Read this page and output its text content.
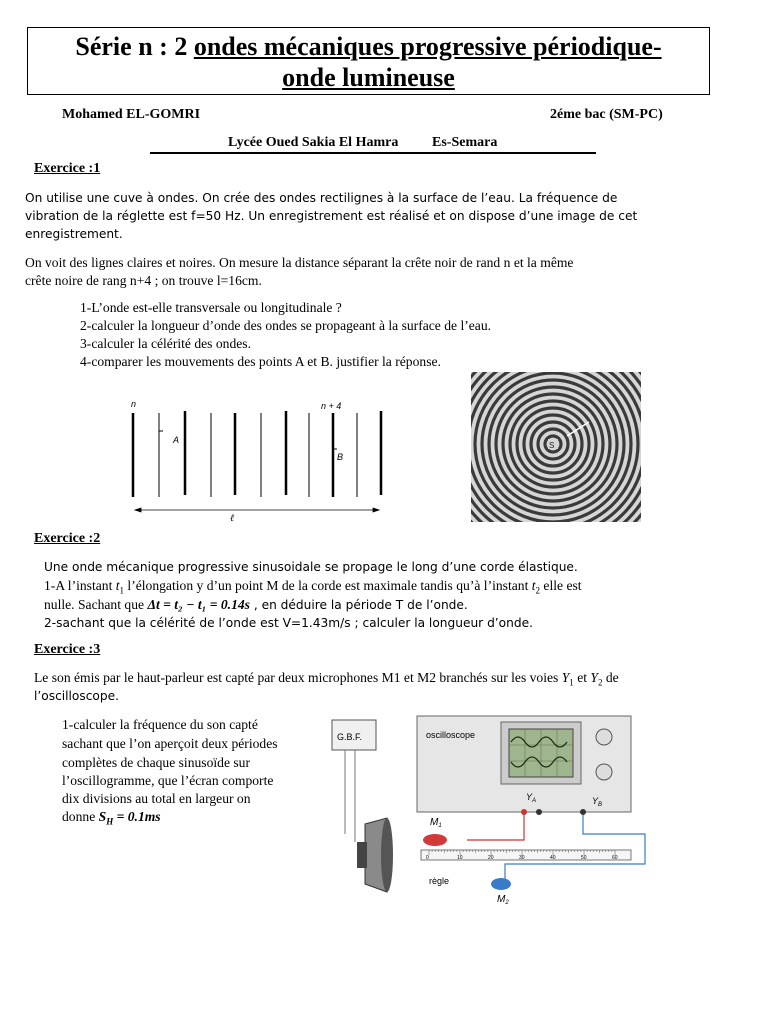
Série n : 2 ondes mécaniques progressive périodique-
onde lumineuse
Mohamed EL-GOMRI	2éme bac (SM-PC)
Lycée Oued Sakia El Hamra Es-Semara
Exercice :1
On utilise une cuve à ondes. On crée des ondes rectilignes à la surface de l’eau. La fréquence de
vibration de la réglette est f=50 Hz. Un enregistrement est réalisé et on dispose d’une image de cet
enregistrement.
On voit des lignes claires et noires. On mesure la distance séparant la crête noir de rand n et la même
crête noire de rang n+4 ; on trouve l=16cm.
1-L’onde est-elle transversale ou longitudinale ?
2-calculer la longueur d’onde des ondes se propageant à la surface de l’eau.
3-calculer la célérité des ondes.
4-comparer les mouvements des points A et B. justifier la réponse.
n	n + 4
A
B
ℓ
S
Exercice :2
Une onde mécanique progressive sinusoidale se propage le long d’une corde élastique.
1-A l’instant $t_1$ l’élongation y d’un point M de la corde est maximale tandis qu’à l’instant $t_2$ elle est
nulle. Sachant que Δt = t₂ − t₁ = 0.14s , en déduire la période T de l’onde.
2-sachant que la célérité de l’onde est V=1.43m/s ; calculer la longueur d’onde.
Exercice :3
Le son émis par le haut-parleur est capté par deux microphones M1 et M2 branchés sur les voies $Y_1$ et $Y_2$ de
l’oscilloscope.
1-calculer la fréquence du son capté
sachant que l’on aperçoit deux périodes
complètes de chaque sinusoïde sur
l’oscillogramme, que l’écran comporte
dix divisions au total en largeur on
donne $S_H = 0.1ms$
G.B.F.	oscilloscope
$Y_A$	$Y_B$
$M_1$
0	10	20	30	40	50	60
règle
$M_2$
